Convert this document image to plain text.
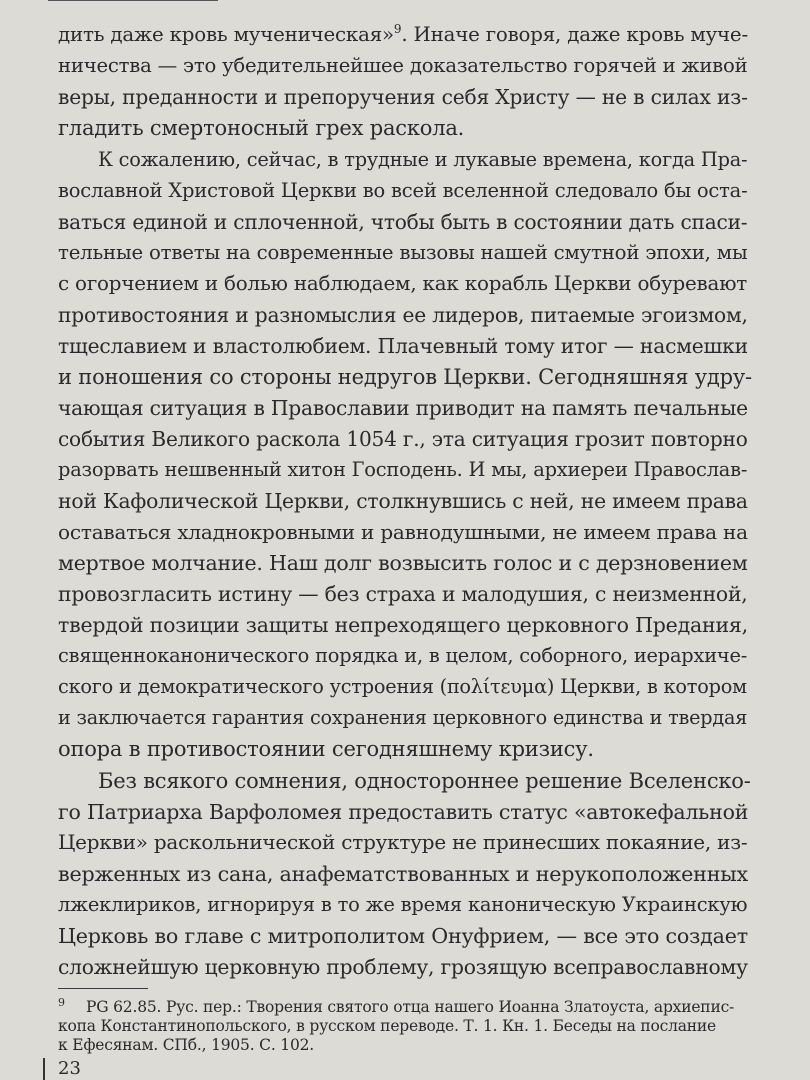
дить даже кровь мученическая»$^9$. Иначе говоря, даже кровь муче-
ничества — это убедительнейшее доказательство горячей и живой
веры, преданности и препоручения себя Христу — не в силах из-
гладить смертоносный грех раскола.
К сожалению, сейчас, в трудные и лукавые времена, когда Пра-
вославной Христовой Церкви во всей вселенной следовало бы оста-
ваться единой и сплоченной, чтобы быть в состоянии дать спаси-
тельные ответы на современные вызовы нашей смутной эпохи, мы
с огорчением и болью наблюдаем, как корабль Церкви обуревают
противостояния и разномыслия ее лидеров, питаемые эгоизмом,
тщеславием и властолюбием. Плачевный тому итог — насмешки
и поношения со стороны недругов Церкви. Сегодняшняя удру-
чающая ситуация в Православии приводит на память печальные
события Великого раскола 1054 г., эта ситуация грозит повторно
разорвать нешвенный хитон Господень. И мы, архиереи Православ-
ной Кафолической Церкви, столкнувшись с ней, не имеем права
оставаться хладнокровными и равнодушными, не имеем права на
мертвое молчание. Наш долг возвысить голос и с дерзновением
провозгласить истину — без страха и малодушия, с неизменной,
твердой позиции защиты непреходящего церковного Предания,
священноканонического порядка и, в целом, соборного, иерархиче-
ского и демократического устроения (πολίτευμα) Церкви, в котором
и заключается гарантия сохранения церковного единства и твердая
опора в противостоянии сегодняшнему кризису.
Без всякого сомнения, одностороннее решение Вселенско-
го Патриарха Варфоломея предоставить статус «автокефальной
Церкви» раскольнической структуре не принесших покаяние, из-
верженных из сана, анафематствованных и нерукоположенных
лжеклириков, игнорируя в то же время каноническую Украинскую
Церковь во главе с митрополитом Онуфрием, — все это создает
сложнейшую церковную проблему, грозящую всеправославному
9 PG 62.85. Рус. пер.: Творения святого отца нашего Иоанна Златоуста, архиепис-
копа Константинопольского, в русском переводе. Т. 1. Кн. 1. Беседы на послание
к Ефесянам. СПб., 1905. С. 102.
23
